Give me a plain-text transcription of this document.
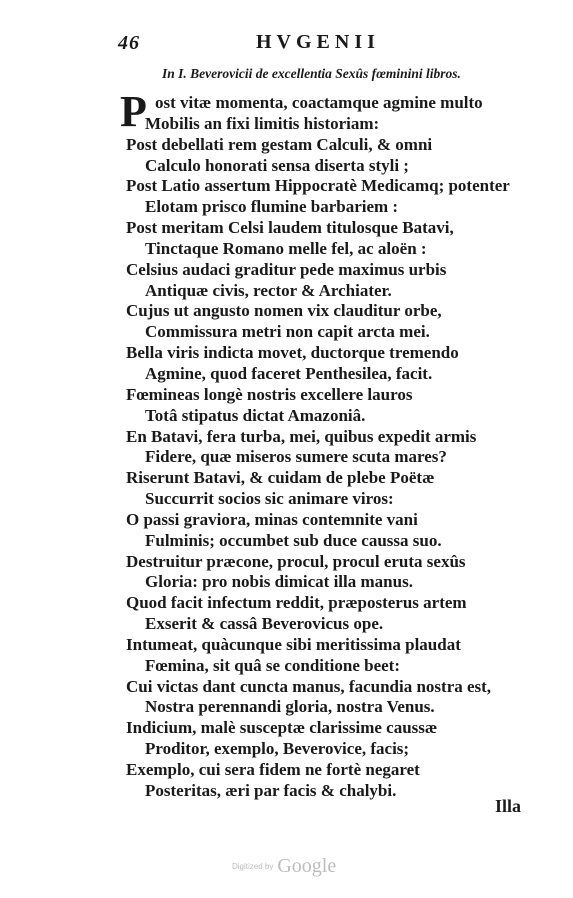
46	HVGENII
In I. Beverovicii de excellentia Sexûs fœminini libros.
P ost vitæ momenta, coactamque agmine multo
Mobilis an fixi limitis historiam:
Post debellati rem gestam Calculi, & omni
Calculo honorati sensa diserta styli ;
Post Latio assertum Hippocratè Medicamq; potenter
Elotam prisco flumine barbariem :
Post meritam Celsi laudem titulosque Batavi,
Tinctaque Romano melle fel, ac aloën :
Celsius audaci graditur pede maximus urbis
Antiquæ civis, rector & Archiater.
Cujus ut angusto nomen vix clauditur orbe,
Commissura metri non capit arcta mei.
Bella viris indicta movet, ductorque tremendo
Agmine, quod faceret Penthesilea, facit.
Fœmineas longè nostris excellere lauros
Totâ stipatus dictat Amazoniâ.
En Batavi, fera turba, mei, quibus expedit armis
Fidere, quæ miseros sumere scuta mares?
Riserunt Batavi, & cuidam de plebe Poëtæ
Succurrit socios sic animare viros:
O passi graviora, minas contemnite vani
Fulminis; occumbet sub duce caussa suo.
Destruitur præcone, procul, procul eruta sexûs
Gloria: pro nobis dimicat illa manus.
Quod facit infectum reddit, præposterus artem
Exserit & cassâ Beverovicus ope.
Intumeat, quàcunque sibi meritissima plaudat
Fœmina, sit quâ se conditione beet:
Cui victas dant cuncta manus, facundia nostra est,
Nostra perennandi gloria, nostra Venus.
Indicium, malè susceptæ clarissime caussæ
Proditor, exemplo, Beverovice, facis;
Exemplo, cui sera fidem ne fortè negaret
Posteritas, æri par facis & chalybi.
Illa
Digitized by Google
